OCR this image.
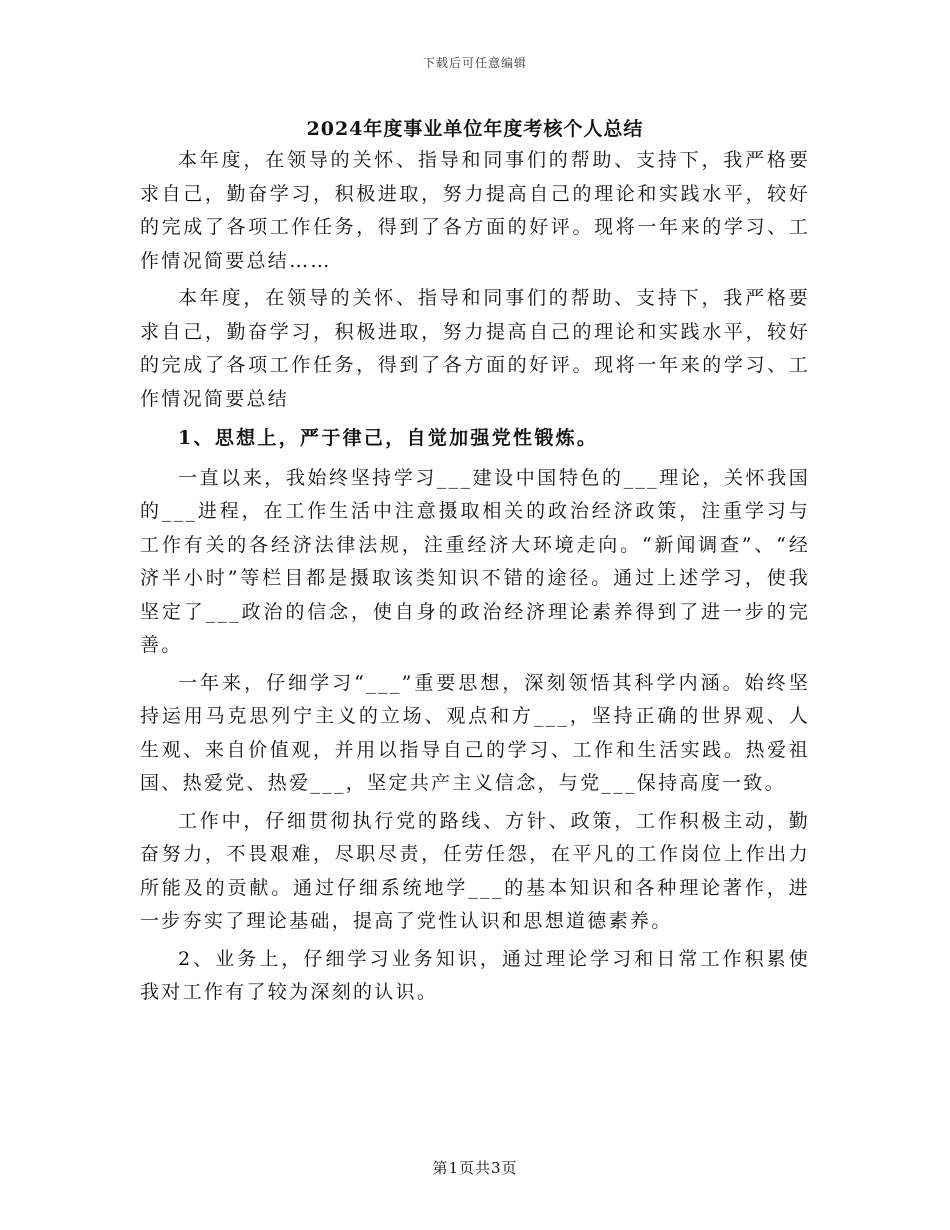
下载后可任意编辑
2024年度事业单位年度考核个人总结

本年度，在领导的关怀、指导和同事们的帮助、支持下，我严格要求自己，勤奋学习，积极进取，努力提高自己的理论和实践水平，较好的完成了各项工作任务，得到了各方面的好评。现将一年来的学习、工作情况简要总结……

本年度，在领导的关怀、指导和同事们的帮助、支持下，我严格要求自己，勤奋学习，积极进取，努力提高自己的理论和实践水平，较好的完成了各项工作任务，得到了各方面的好评。现将一年来的学习、工作情况简要总结

1、思想上，严于律己，自觉加强党性锻炼。

一直以来，我始终坚持学习___建设中国特色的___理论，关怀我国的___进程，在工作生活中注意摄取相关的政治经济政策，注重学习与工作有关的各经济法律法规，注重经济大环境走向。“新闻调查”、“经济半小时”等栏目都是摄取该类知识不错的途径。通过上述学习，使我坚定了___政治的信念，使自身的政治经济理论素养得到了进一步的完善。

一年来，仔细学习“___”重要思想，深刻领悟其科学内涵。始终坚持运用马克思列宁主义的立场、观点和方___，坚持正确的世界观、人生观、来自价值观，并用以指导自己的学习、工作和生活实践。热爱祖国、热爱党、热爱___，坚定共产主义信念，与党___保持高度一致。

工作中，仔细贯彻执行党的路线、方针、政策，工作积极主动，勤奋努力，不畏艰难，尽职尽责，任劳任怨，在平凡的工作岗位上作出力所能及的贡献。通过仔细系统地学___的基本知识和各种理论著作，进一步夯实了理论基础，提高了党性认识和思想道德素养。

2、业务上，仔细学习业务知识，通过理论学习和日常工作积累使我对工作有了较为深刻的认识。

第1页共3页
